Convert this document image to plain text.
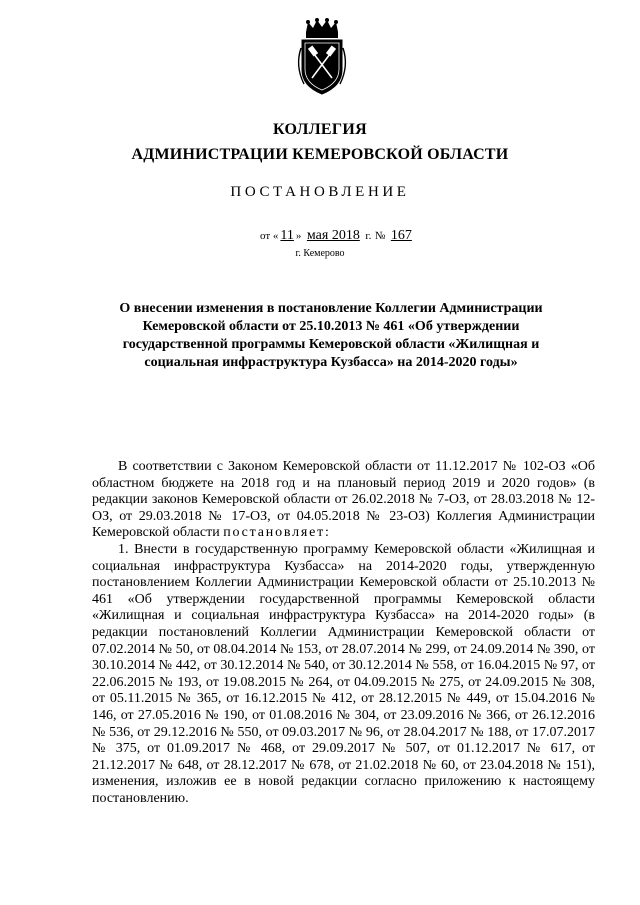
КОЛЛЕГИЯ
АДМИНИСТРАЦИИ КЕМЕРОВСКОЙ ОБЛАСТИ
ПОСТАНОВЛЕНИЕ
от « 11 » мая 2018 г. № 167
г. Кемерово
О внесении изменения в постановление Коллегии Администрации Кемеровской области от 25.10.2013 № 461 «Об утверждении государственной программы Кемеровской области «Жилищная и социальная инфраструктура Кузбасса» на 2014-2020 годы»

В соответствии с Законом Кемеровской области от 11.12.2017 № 102-ОЗ «Об областном бюджете на 2018 год и на плановый период 2019 и 2020 годов» (в редакции законов Кемеровской области от 26.02.2018 № 7-ОЗ, от 28.03.2018 № 12-ОЗ, от 29.03.2018 № 17-ОЗ, от 04.05.2018 № 23-ОЗ) Коллегия Администрации Кемеровской области постановляет:

1. Внести в государственную программу Кемеровской области «Жилищная и социальная инфраструктура Кузбасса» на 2014-2020 годы, утвержденную постановлением Коллегии Администрации Кемеровской области от 25.10.2013 № 461 «Об утверждении государственной программы Кемеровской области «Жилищная и социальная инфраструктура Кузбасса» на 2014-2020 годы» (в редакции постановлений Коллегии Администрации Кемеровской области от 07.02.2014 № 50, от 08.04.2014 № 153, от 28.07.2014 № 299, от 24.09.2014 № 390, от 30.10.2014 № 442, от 30.12.2014 № 540, от 30.12.2014 № 558, от 16.04.2015 № 97, от 22.06.2015 № 193, от 19.08.2015 № 264, от 04.09.2015 № 275, от 24.09.2015 № 308, от 05.11.2015 № 365, от 16.12.2015 № 412, от 28.12.2015 № 449, от 15.04.2016 № 146, от 27.05.2016 № 190, от 01.08.2016 № 304, от 23.09.2016 № 366, от 26.12.2016 № 536, от 29.12.2016 № 550, от 09.03.2017 № 96, от 28.04.2017 № 188, от 17.07.2017 № 375, от 01.09.2017 № 468, от 29.09.2017 № 507, от 01.12.2017 № 617, от 21.12.2017 № 648, от 28.12.2017 № 678, от 21.02.2018 № 60, от 23.04.2018 № 151), изменения, изложив ее в новой редакции согласно приложению к настоящему постановлению.
